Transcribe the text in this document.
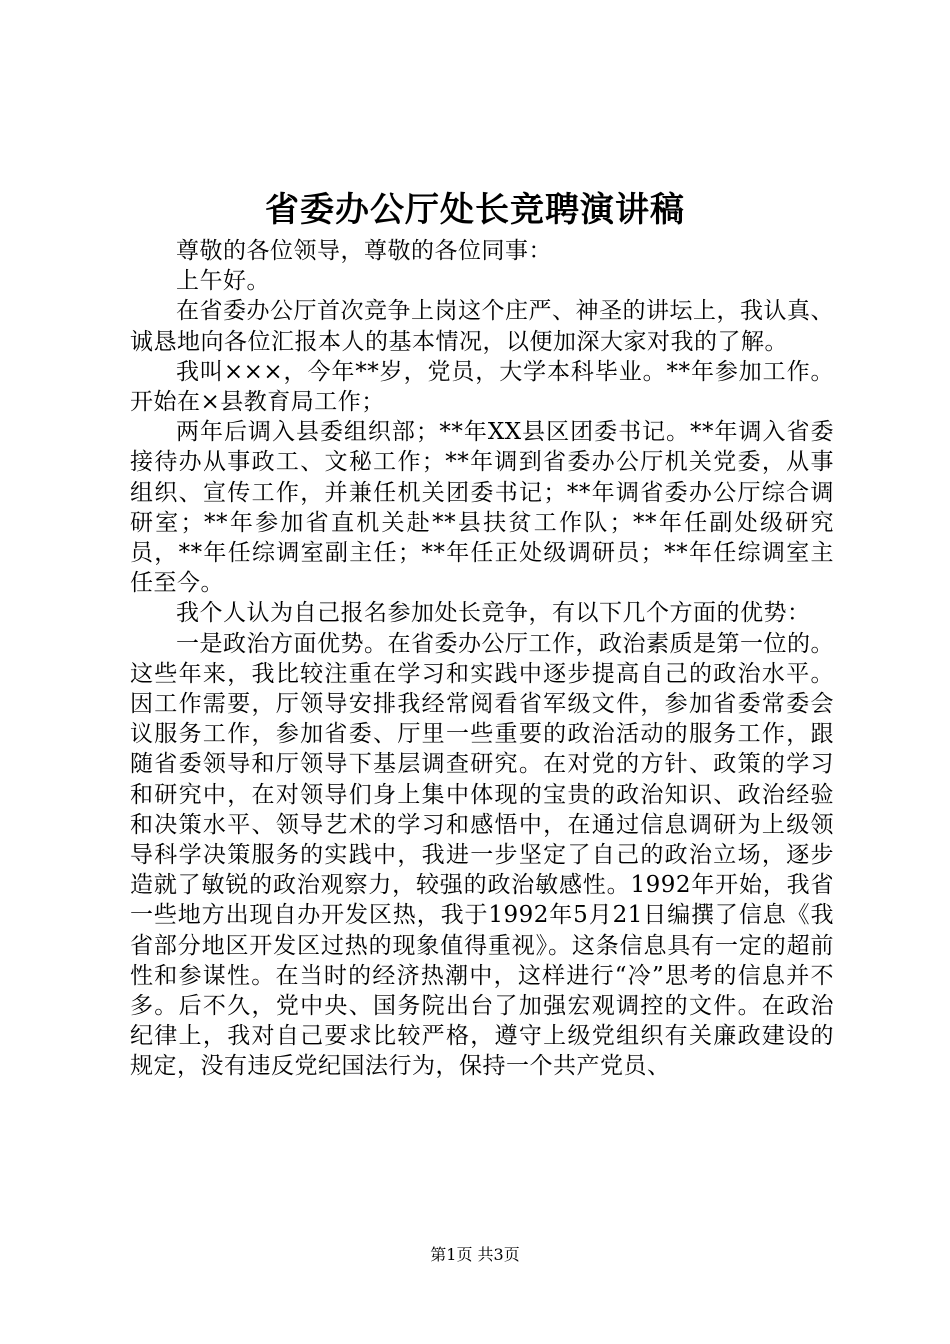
省委办公厅处长竞聘演讲稿

尊敬的各位领导，尊敬的各位同事：

上午好。

在省委办公厅首次竞争上岗这个庄严、神圣的讲坛上，我认真、诚恳地向各位汇报本人的基本情况，以便加深大家对我的了解。

我叫×××，今年**岁，党员，大学本科毕业。**年参加工作。开始在×县教育局工作；

两年后调入县委组织部；**年XX县区团委书记。**年调入省委接待办从事政工、文秘工作；**年调到省委办公厅机关党委，从事组织、宣传工作，并兼任机关团委书记；**年调省委办公厅综合调研室；**年参加省直机关赴**县扶贫工作队；**年任副处级研究员，**年任综调室副主任；**年任正处级调研员；**年任综调室主任至今。

我个人认为自己报名参加处长竞争，有以下几个方面的优势：

一是政治方面优势。在省委办公厅工作，政治素质是第一位的。这些年来，我比较注重在学习和实践中逐步提高自己的政治水平。因工作需要，厅领导安排我经常阅看省军级文件，参加省委常委会议服务工作，参加省委、厅里一些重要的政治活动的服务工作，跟随省委领导和厅领导下基层调查研究。在对党的方针、政策的学习和研究中，在对领导们身上集中体现的宝贵的政治知识、政治经验和决策水平、领导艺术的学习和感悟中，在通过信息调研为上级领导科学决策服务的实践中，我进一步坚定了自己的政治立场，逐步造就了敏锐的政治观察力，较强的政治敏感性。1992年开始，我省一些地方出现自办开发区热，我于1992年5月21日编撰了信息《我省部分地区开发区过热的现象值得重视》。这条信息具有一定的超前性和参谋性。在当时的经济热潮中，这样进行“冷”思考的信息并不多。后不久，党中央、国务院出台了加强宏观调控的文件。在政治纪律上，我对自己要求比较严格，遵守上级党组织有关廉政建设的规定，没有违反党纪国法行为，保持一个共产党员、

第1页 共3页
